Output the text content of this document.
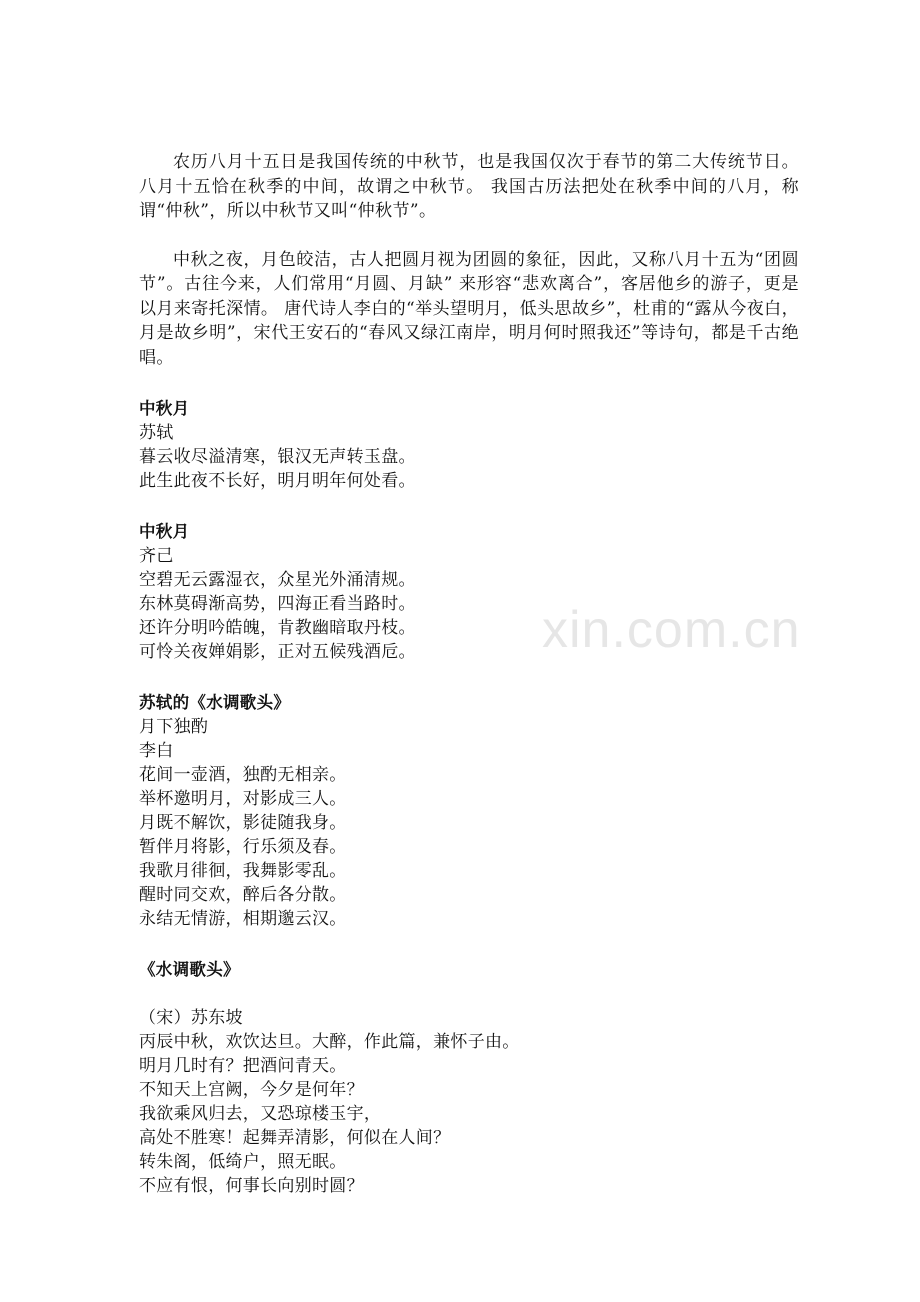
农历八月十五日是我国传统的中秋节，也是我国仅次于春节的第二大传统节日。八月十五恰在秋季的中间，故谓之中秋节。 我国古历法把处在秋季中间的八月，称谓“仲秋”，所以中秋节又叫“仲秋节”。

中秋之夜，月色皎洁，古人把圆月视为团圆的象征，因此，又称八月十五为“团圆节”。古往今来，人们常用“月圆、月缺” 来形容“悲欢离合”，客居他乡的游子，更是以月来寄托深情。 唐代诗人李白的“举头望明月，低头思故乡”，杜甫的“露从今夜白，月是故乡明”，宋代王安石的“春风又绿江南岸，明月何时照我还”等诗句，都是千古绝唱。

中秋月
苏轼
暮云收尽溢清寒，银汉无声转玉盘。
此生此夜不长好，明月明年何处看。
中秋月
齐己
空碧无云露湿衣，众星光外涌清规。
东林莫碍渐高势，四海正看当路时。
还许分明吟皓魄，肯教幽暗取丹枝。
可怜关夜婵娟影，正对五候残酒卮。
苏轼的《水调歌头》
月下独酌
李白
花间一壶酒，独酌无相亲。
举杯邀明月，对影成三人。
月既不解饮，影徒随我身。
暂伴月将影，行乐须及春。
我歌月徘徊，我舞影零乱。
醒时同交欢，醉后各分散。
永结无情游，相期邈云汉。
《水调歌头》
（宋）苏东坡
丙辰中秋，欢饮达旦。大醉，作此篇，兼怀子由。
明月几时有？把酒问青天。
不知天上宫阙，今夕是何年？
我欲乘风归去，又恐琼楼玉宇，
高处不胜寒！起舞弄清影，何似在人间？
转朱阁，低绮户，照无眠。
不应有恨，何事长向别时圆？
xin.com.cn
